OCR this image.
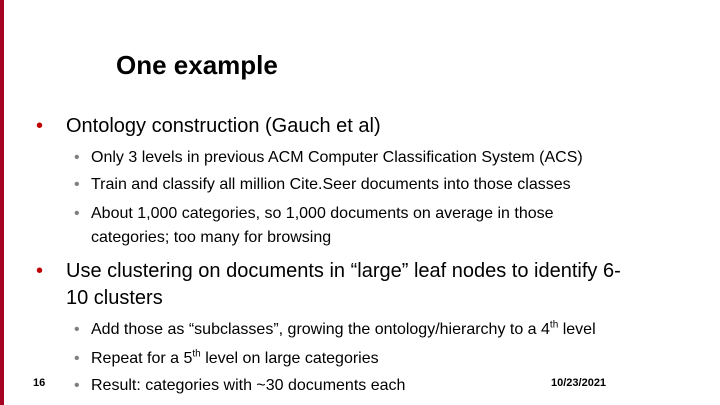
One example
•	Ontology construction (Gauch et al)
• Only 3 levels in previous ACM Computer Classification System (ACS)
• Train and classify all million Cite.Seer documents into those classes
• About 1,000 categories, so 1,000 documents on average in those
categories; too many for browsing
•	Use clustering on documents in “large” leaf nodes to identify 6-
10 clusters
• Add those as “subclasses”, growing the ontology/hierarchy to a 4th level
• Repeat for a 5th level on large categories
• Result: categories with ~30 documents each
16	10/23/2021
